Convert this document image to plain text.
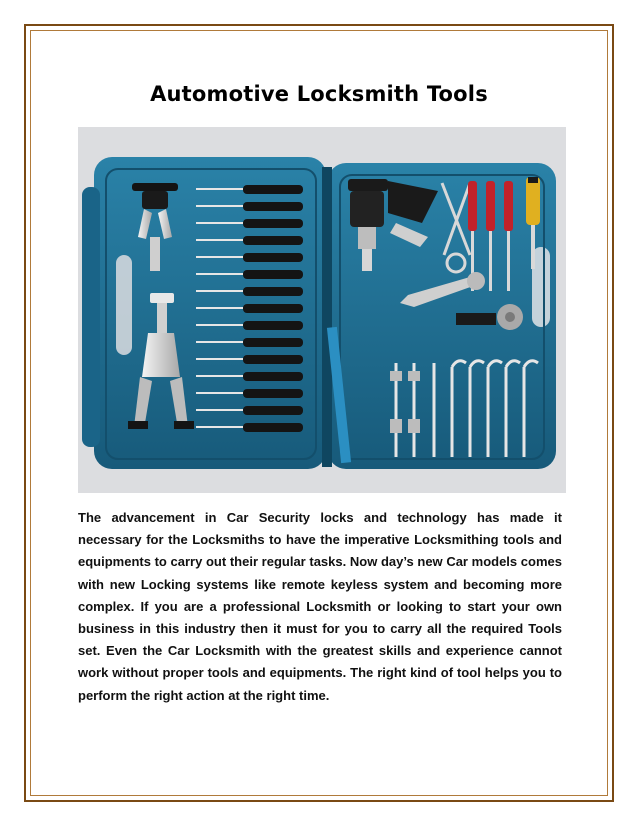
Automotive Locksmith Tools

The advancement in Car Security locks and technology has made it necessary for the Locksmiths to have the imperative Locksmithing tools and equipments to carry out their regular tasks. Now day’s new Car models comes with new Locking systems like remote keyless system and becoming more complex. If you are a professional Locksmith or looking to start your own business in this industry then it must for you to carry all the required Tools set. Even the Car Locksmith with the greatest skills and experience cannot work without proper tools and equipments. The right kind of tool helps you to perform the right action at the right time.
